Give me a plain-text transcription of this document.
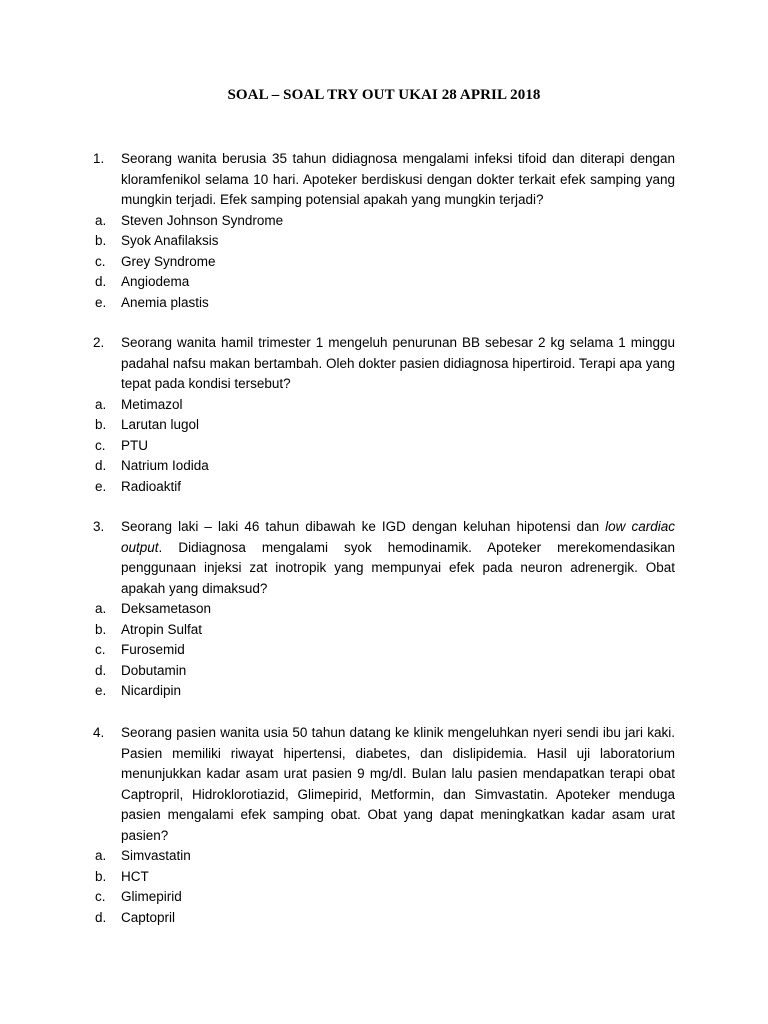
SOAL – SOAL TRY OUT UKAI 28 APRIL 2018
1. Seorang wanita berusia 35 tahun didiagnosa mengalami infeksi tifoid dan diterapi dengan kloramfenikol selama 10 hari. Apoteker berdiskusi dengan dokter terkait efek samping yang mungkin terjadi. Efek samping potensial apakah yang mungkin terjadi?
a.	Steven Johnson Syndrome
b.	Syok Anafilaksis
c.	Grey Syndrome
d.	Angiodema
e.	Anemia plastis
2. Seorang wanita hamil trimester 1 mengeluh penurunan BB sebesar 2 kg selama 1 minggu padahal nafsu makan bertambah. Oleh dokter pasien didiagnosa hipertiroid. Terapi apa yang tepat pada kondisi tersebut?
a.	Metimazol
b.	Larutan lugol
c.	PTU
d.	Natrium Iodida
e.	Radioaktif
3. Seorang laki – laki 46 tahun dibawah ke IGD dengan keluhan hipotensi dan low cardiac output. Didiagnosa mengalami syok hemodinamik. Apoteker merekomendasikan penggunaan injeksi zat inotropik yang mempunyai efek pada neuron adrenergik. Obat apakah yang dimaksud?
a.	Deksametason
b.	Atropin Sulfat
c.	Furosemid
d.	Dobutamin
e.	Nicardipin
4. Seorang pasien wanita usia 50 tahun datang ke klinik mengeluhkan nyeri sendi ibu jari kaki. Pasien memiliki riwayat hipertensi, diabetes, dan dislipidemia. Hasil uji laboratorium menunjukkan kadar asam urat pasien 9 mg/dl. Bulan lalu pasien mendapatkan terapi obat Captropril, Hidroklorotiazid, Glimepirid, Metformin, dan Simvastatin. Apoteker menduga pasien mengalami efek samping obat. Obat yang dapat meningkatkan kadar asam urat pasien?
a.	Simvastatin
b.	HCT
c.	Glimepirid
d.	Captopril
